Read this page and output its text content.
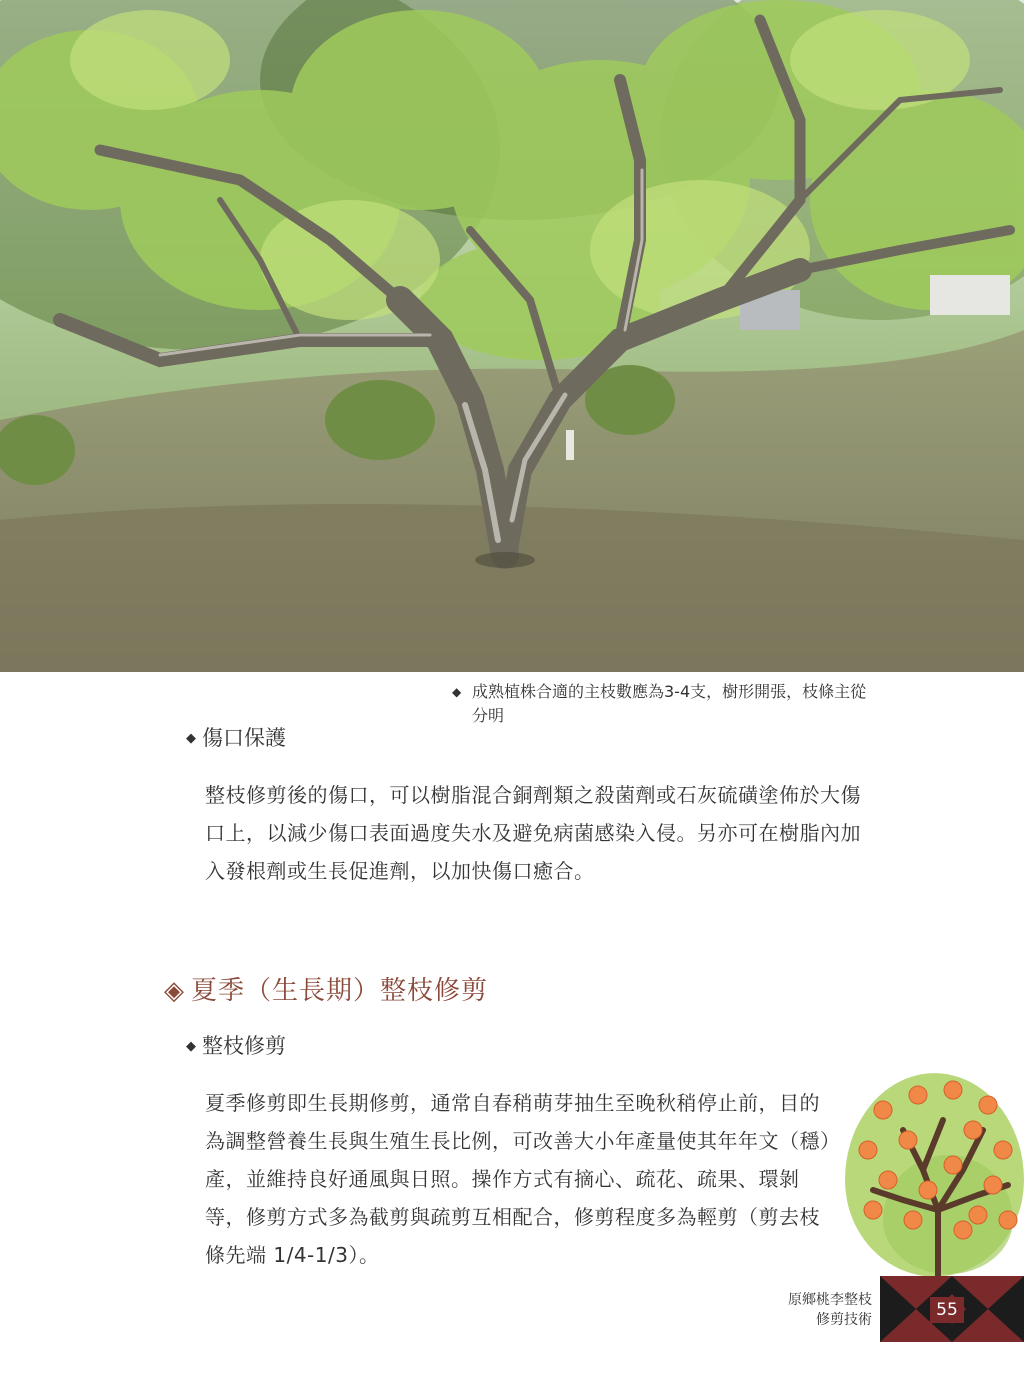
◆ 成熟植株合適的主枝數應為3-4支，樹形開張，枝條主從分明
◆ 傷口保護
整枝修剪後的傷口，可以樹脂混合銅劑類之殺菌劑或石灰硫磺塗佈於大傷口上，以減少傷口表面過度失水及避免病菌感染入侵。另亦可在樹脂內加入發根劑或生長促進劑，以加快傷口癒合。
◈ 夏季（生長期）整枝修剪
◆ 整枝修剪
夏季修剪即生長期修剪，通常自春稍萌芽抽生至晚秋稍停止前，目的為調整營養生長與生殖生長比例，可改善大小年產量使其年年文（穩）產，並維持良好通風與日照。操作方式有摘心、疏花、疏果、環剝等，修剪方式多為截剪與疏剪互相配合，修剪程度多為輕剪（剪去枝條先端 1/4-1/3）。
55
原鄉桃李整枝
修剪技術
